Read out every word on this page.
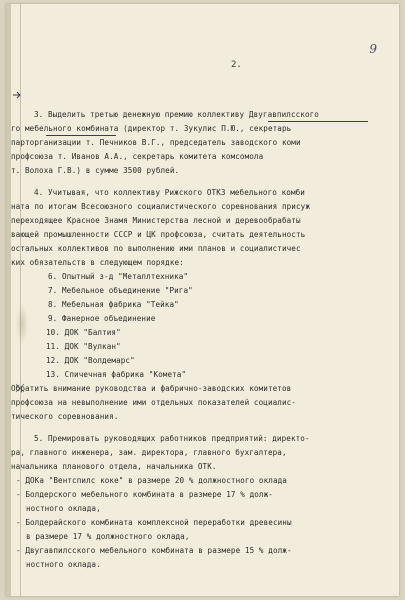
9
2.
3. Выделить третью денежную премию коллективу Двугавпилсского
го мебельного комбината (директор т. Зукулис П.Ю., секретарь
парторганизации т. Печников В.Г., председатель заводского коми
профсоюза т. Иванов А.А., секретарь комитета комсомола
т. Волоха Г.В.) в сумме 3500 рублей.
4. Учитывая, что коллективу Рижского ОТКЗ мебельного комби
ната по итогам Всесоюзного социалистического соревнования присуж
переходящее Красное Знамя Министерства лесной и деревообрабаты
вающей промышленности СССР и ЦК профсоюза, считать деятельность
остальных коллективов по выполнению ими планов и социалистичес
ких обязательств в следующем порядке:
6. Опытный з-д "Металлтехника"
7. Мебельное объединение "Рига"
8. Мебельная фабрика "Тейка"
9. Фанерное объединение
10. ДОК "Балтия"
11. ДОК "Вулкан"
12. ДОК "Волдемарс"
13. Спичечная фабрика "Комета"
Обратить внимание руководства и фабрично-заводских комитетов
профсоюза на невыполнение ими отдельных показателей социалис-
тического соревнования.
5. Премировать руководящих работников предприятий: директо-
ра, главного инженера, зам. директора, главного бухгалтера,
начальника планового отдела, начальника ОТК.
- ДОКа "Вентспилс коке" в размере 20 % должностного оклада
- Болдерского мебельного комбината в размере 17 % долж-
ностного оклада,
- Болдерайского комбината комплексной переработки древесины
в размере 17 % должностного оклада,
- Двугавпилсского мебельного комбината в размере 15 % долж-
ностного оклада.
